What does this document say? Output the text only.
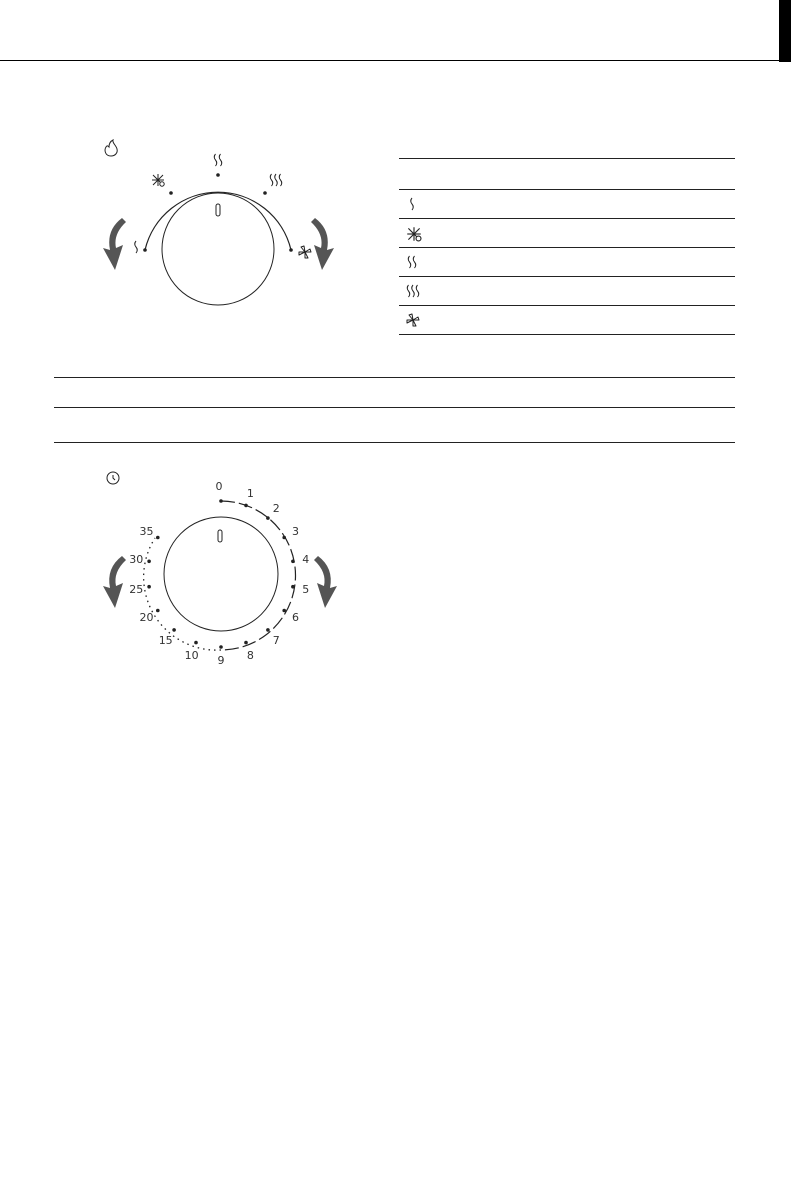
0
1
2
3
4
5
6
7
8
9
10
15
20
25
30
35
